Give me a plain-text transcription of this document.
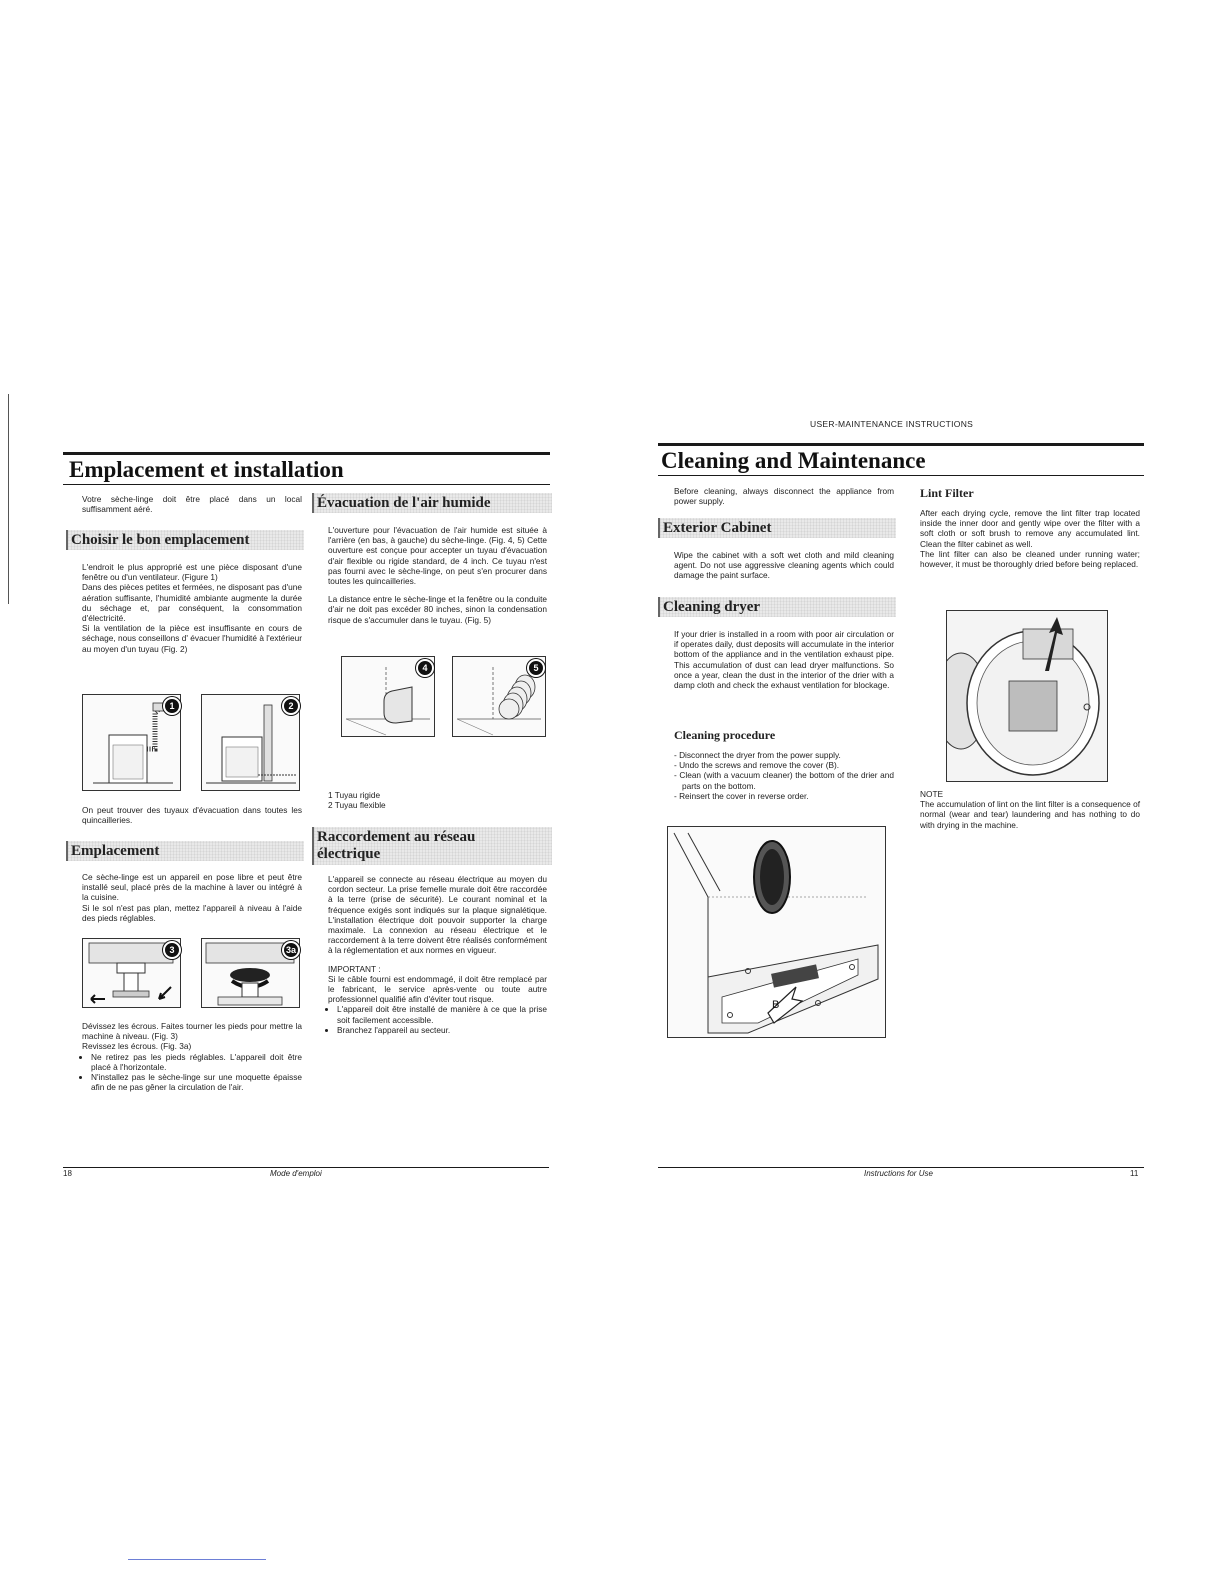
Emplacement et installation
Votre sèche-linge doit être placé dans un local suffisamment aéré.
Choisir le bon emplacement

L'endroit le plus approprié est une pièce disposant d'une fenêtre ou d'un ventilateur. (Figure 1)

Dans des pièces petites et fermées, ne disposant pas d'une aération suffisante, l'humidité ambiante augmente la durée du séchage et, par conséquent, la consommation d'électricité.

Si la ventilation de la pièce est insuffisante en cours de séchage, nous conseillons d' évacuer l'humidité à l'extérieur au moyen d'un tuyau (Fig. 2)

1	2
On peut trouver des tuyaux d'évacuation dans toutes les quincailleries.
Emplacement

Ce sèche-linge est un appareil en pose libre et peut être installé seul, placé près de la machine à laver ou intégré à la cuisine.

Si le sol n'est pas plan, mettez l'appareil à niveau à l'aide des pieds réglables.

3	3a

Dévissez les écrous. Faites tourner les pieds pour mettre la machine à niveau. (Fig. 3)

Revissez les écrous. (Fig. 3a)

• Ne retirez pas les pieds réglables. L'appareil doit être placé à l'horizontale.
• N'installez pas le sèche-linge sur une moquette épaisse afin de ne pas gêner la circulation de l'air.
Évacuation de l'air humide

L'ouverture pour l'évacuation de l'air humide est située à l'arrière (en bas, à gauche) du sèche-linge. (Fig. 4, 5) Cette ouverture est conçue pour accepter un tuyau d'évacuation d'air flexible ou rigide standard, de 4 inch. Ce tuyau n'est pas fourni avec le sèche-linge, on peut s'en procurer dans toutes les quincailleries.

La distance entre le sèche-linge et la fenêtre ou la conduite d'air ne doit pas excéder 80 inches, sinon la condensation risque de s'accumuler dans le tuyau. (Fig. 5)

4	5

1 Tuyau rigide

2 Tuyau flexible

Raccordement au réseau
électrique

L'appareil se connecte au réseau électrique au moyen du cordon secteur. La prise femelle murale doit être raccordée à la terre (prise de sécurité). Le courant nominal et la fréquence exigés sont indiqués sur la plaque signalétique. L'installation électrique doit pouvoir supporter la charge maximale. La connexion au réseau électrique et le raccordement à la terre doivent être réalisés conformément à la réglementation et aux normes en vigueur.

IMPORTANT :

Si le câble fourni est endommagé, il doit être remplacé par le fabricant, le service après-vente ou toute autre professionnel qualifié afin d'éviter tout risque.

• L'appareil doit être installé de manière à ce que la prise soit facilement accessible.
• Branchez l'appareil au secteur.
18	Mode d'emploi
USER-MAINTENANCE INSTRUCTIONS
Cleaning and Maintenance
Before cleaning, always disconnect the appliance from power supply.
Exterior Cabinet
Wipe the cabinet with a soft wet cloth and mild cleaning agent. Do not use aggressive cleaning agents which could damage the paint surface.
Cleaning dryer
If your drier is installed in a room with poor air circulation or if operates daily, dust deposits will accumulate in the interior bottom of the appliance and in the ventilation exhaust pipe. This accumulation of dust can lead dryer malfunctions. So once a year, clean the dust in the interior of the drier with a damp cloth and check the exhaust ventilation for blockage.
Cleaning procedure
- Disconnect the dryer from the power supply.
- Undo the screws and remove the cover (B).
- Clean (with a vacuum cleaner) the bottom of the drier and parts on the bottom.
- Reinsert the cover in reverse order.
B
Lint Filter

After each drying cycle, remove the lint filter trap located inside the inner door and gently wipe over the filter with a soft cloth or soft brush to remove any accumulated lint. Clean the filter cabinet as well.

The lint filter can also be cleaned under running water; however, it must be thoroughly dried before being replaced.

NOTE

The accumulation of lint on the lint filter is a consequence of normal (wear and tear) laundering and has nothing to do with drying in the machine.

Instructions for Use	11
